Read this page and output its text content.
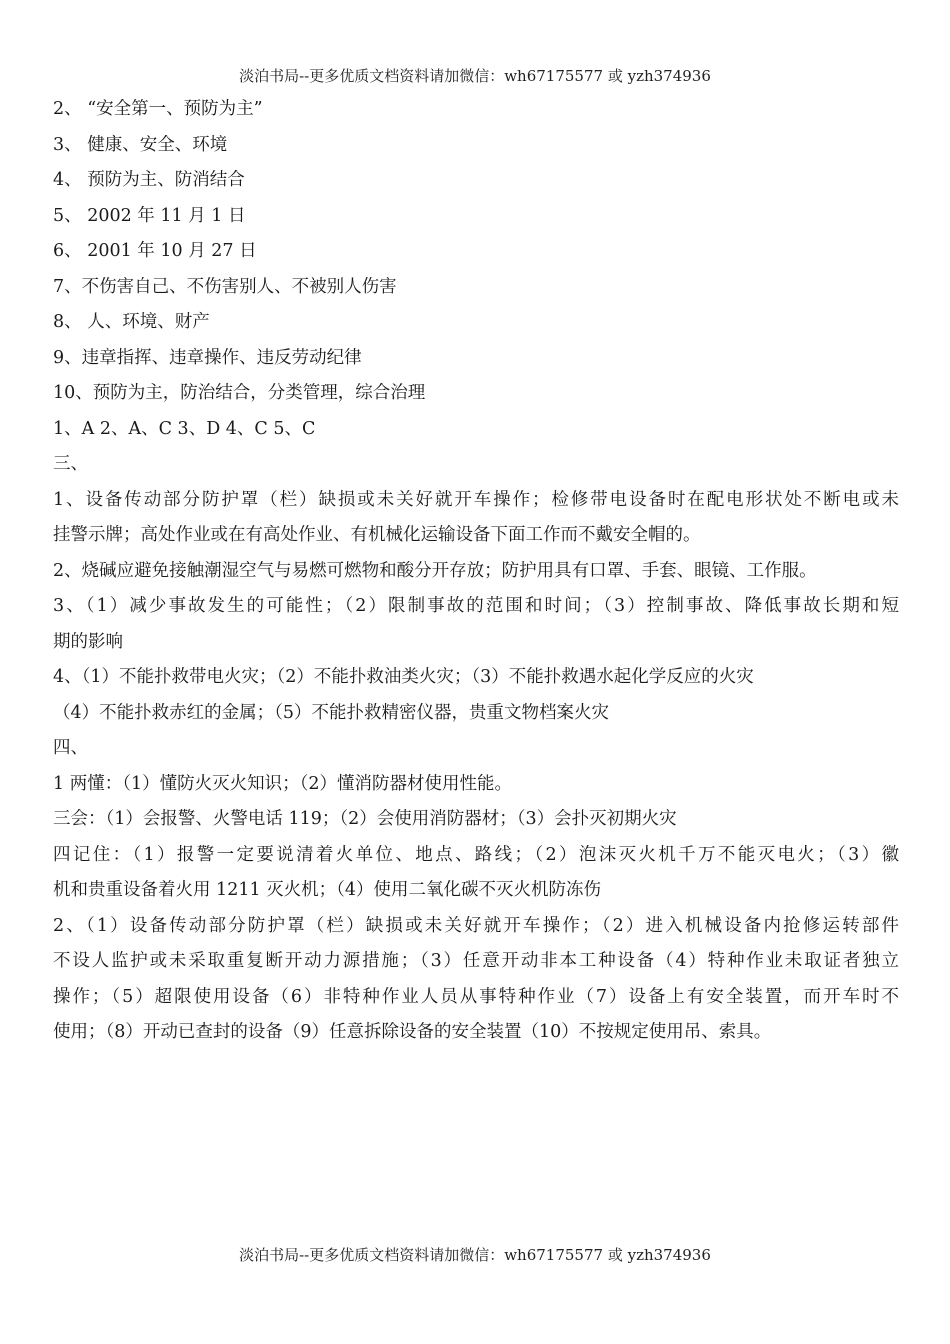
淡泊书局--更多优质文档资料请加微信：wh67175577 或 yzh374936
2、 “安全第一、预防为主”
3、 健康、安全、环境
4、 预防为主、防消结合
5、 2002 年 11 月 1 日
6、 2001 年 10 月 27 日
7、不伤害自己、不伤害别人、不被别人伤害
8、 人、环境、财产
9、违章指挥、违章操作、违反劳动纪律
10、预防为主，防治结合，分类管理，综合治理
1、A 2、A、C 3、D 4、C 5、C
三、
1、设备传动部分防护罩（栏）缺损或未关好就开车操作；检修带电设备时在配电形状处不断电或未
挂警示牌；高处作业或在有高处作业、有机械化运输设备下面工作而不戴安全帽的。
2、烧碱应避免接触潮湿空气与易燃可燃物和酸分开存放；防护用具有口罩、手套、眼镜、工作服。
3、（1）减少事故发生的可能性；（2）限制事故的范围和时间；（3）控制事故、降低事故长期和短
期的影响
4、（1）不能扑救带电火灾；（2）不能扑救油类火灾；（3）不能扑救遇水起化学反应的火灾
（4）不能扑救赤红的金属；（5）不能扑救精密仪器，贵重文物档案火灾
四、
1 两懂：（1）懂防火灭火知识；（2）懂消防器材使用性能。
三会：（1）会报警、火警电话 119；（2）会使用消防器材；（3）会扑灭初期火灾
四记住：（1）报警一定要说清着火单位、地点、路线；（2）泡沫灭火机千万不能灭电火；（3）徽
机和贵重设备着火用 1211 灭火机；（4）使用二氧化碳不灭火机防冻伤
2、（1）设备传动部分防护罩（栏）缺损或未关好就开车操作；（2）进入机械设备内抢修运转部件
不设人监护或未采取重复断开动力源措施；（3）任意开动非本工种设备（4）特种作业未取证者独立
操作；（5）超限使用设备（6）非特种作业人员从事特种作业（7）设备上有安全装置，而开车时不
使用；（8）开动已查封的设备（9）任意拆除设备的安全装置（10）不按规定使用吊、索具。
淡泊书局--更多优质文档资料请加微信：wh67175577 或 yzh374936
